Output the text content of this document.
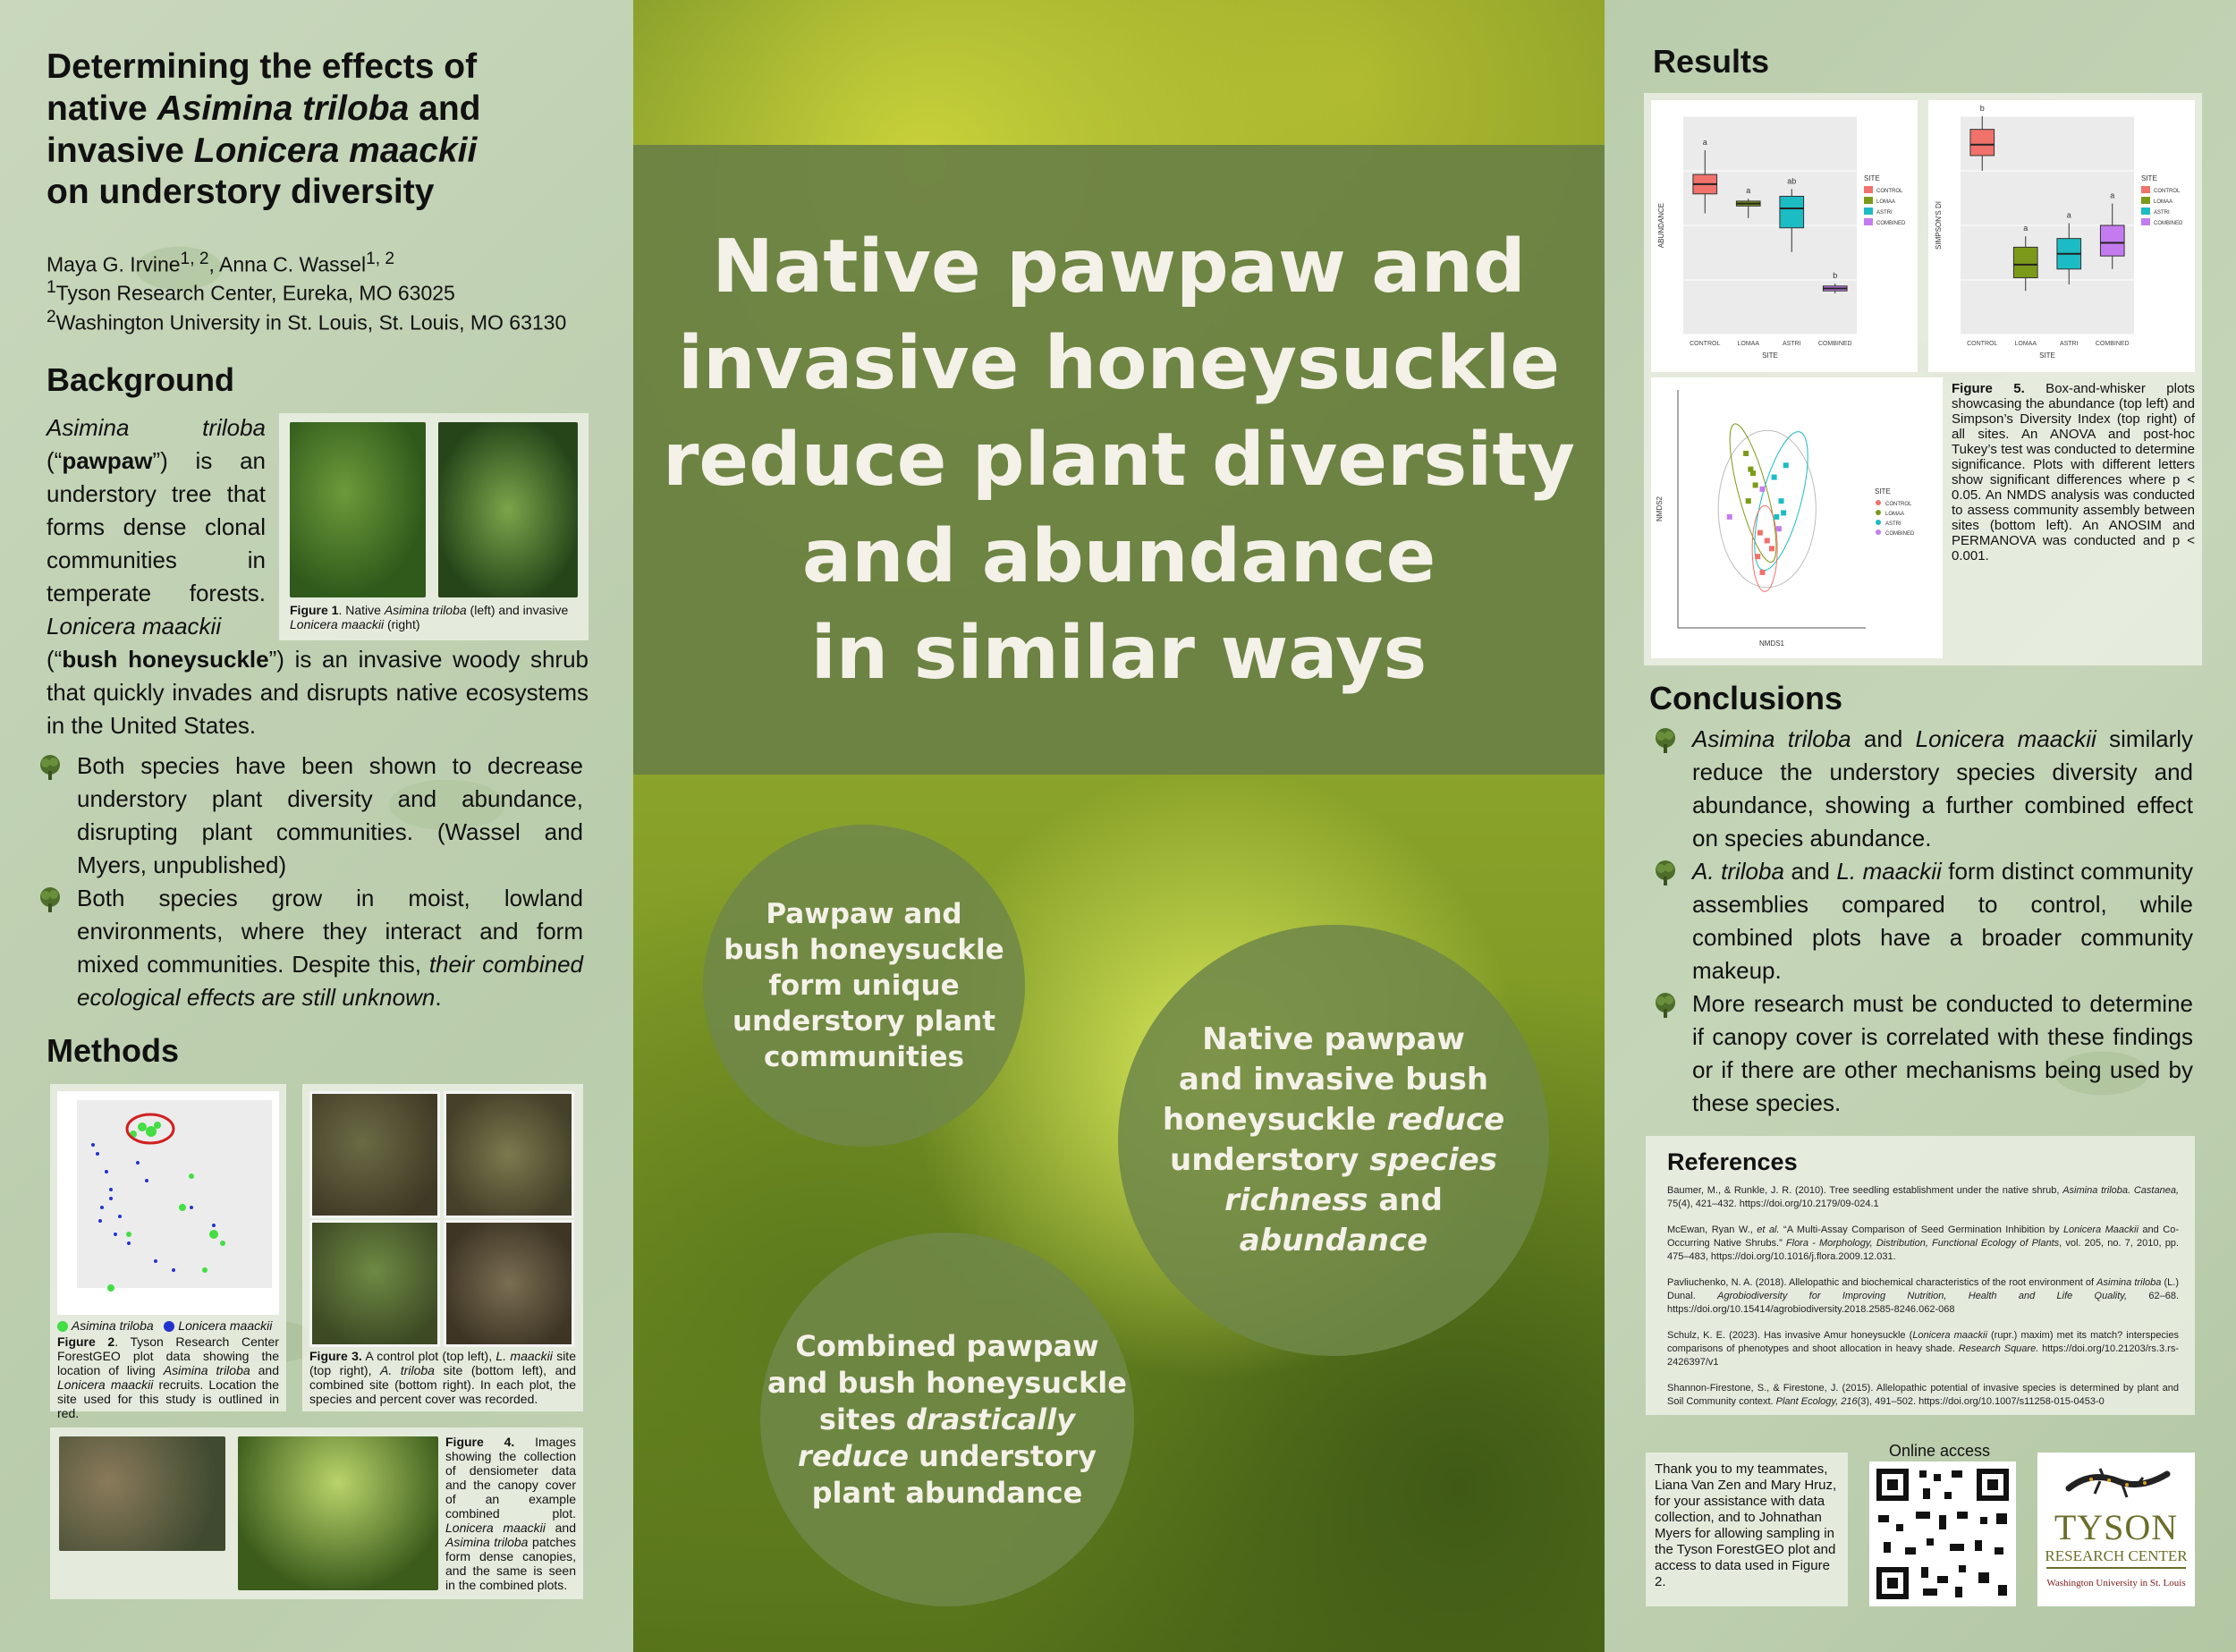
Determining the effects of
native Asimina triloba and
invasive Lonicera maackii
on understory diversity
Maya G. Irvine$^{1, 2}$, Anna C. Wassel$^{1, 2}$
$^1$Tyson Research Center, Eureka, MO 63025
$^2$Washington University in St. Louis, St. Louis, MO 63130
Background
Figure 1. Native Asimina triloba (left) and invasive Lonicera maackii (right)
Asimina triloba (“pawpaw”) is an understory tree that forms dense clonal communities in temperate forests. Lonicera maackii
(“bush honeysuckle”) is an invasive woody shrub that quickly invades and disrupts native ecosystems in the United States.
Both species have been shown to decrease understory plant diversity and abundance, disrupting plant communities. (Wassel and Myers, unpublished)
Both species grow in moist, lowland environments, where they interact and form mixed communities. Despite this, their combined ecological effects are still unknown.
Methods
Asimina triloba Lonicera maackii
Figure 2. Tyson Research Center ForestGEO plot data showing the location of living Asimina triloba and Lonicera maackii recruits. Location the site used for this study is outlined in red.
Figure 3. A control plot (top left), L. maackii site (top right), A. triloba site (bottom left), and combined site (bottom right). In each plot, the species and percent cover was recorded.
Figure 4. Images showing the collection of densiometer data and the canopy cover of an example combined plot. Lonicera maackii and Asimina triloba patches form dense canopies, and the same is seen in the combined plots.
Native pawpaw and
invasive honeysuckle
reduce plant diversity
and abundance
in similar ways
Pawpaw and
bush honeysuckle
form unique
understory plant
communities	Native pawpaw
and invasive bush
honeysuckle reduce
understory species
richness and
abundance
Combined pawpaw
and bush honeysuckle
sites drastically
reduce understory
plant abundance
Results
a
CONTROL
a
LOMAA
ab
ASTRI
b
COMBINED
SITE
ABUNDANCE
SITE
CONTROL
LOMAA
ASTRI
COMBINED
b
CONTROL
a
LOMAA
a
ASTRI
a
COMBINED
SITE
SIMPSON'S DI
SITE
CONTROL
LOMAA
ASTRI
COMBINED
NMDS1
NMDS2
SITE
CONTROL
LOMAA
ASTRI
COMBINED
Figure 5. Box-and-whisker plots showcasing the abundance (top left) and Simpson’s Diversity Index (top right) of all sites. An ANOVA and post-hoc Tukey’s test was conducted to determine significance. Plots with different letters show significant differences where p < 0.05. An NMDS analysis was conducted to assess community assembly between sites (bottom left). An ANOSIM and PERMANOVA was conducted and p < 0.001.
Conclusions
Asimina triloba and Lonicera maackii similarly reduce the understory species diversity and abundance, showing a further combined effect on species abundance.
A. triloba and L. maackii form distinct community assemblies compared to control, while combined plots have a broader community makeup.
More research must be conducted to determine if canopy cover is correlated with these findings or if there are other mechanisms being used by these species.
References

Baumer, M., & Runkle, J. R. (2010). Tree seedling establishment under the native shrub, Asimina triloba. Castanea, 75(4), 421–432. https://doi.org/10.2179/09-024.1

McEwan, Ryan W., et al. “A Multi-Assay Comparison of Seed Germination Inhibition by Lonicera Maackii and Co-Occurring Native Shrubs.” Flora - Morphology, Distribution, Functional Ecology of Plants, vol. 205, no. 7, 2010, pp. 475–483, https://doi.org/10.1016/j.flora.2009.12.031.

Pavliuchenko, N. A. (2018). Allelopathic and biochemical characteristics of the root environment of Asimina triloba (L.) Dunal. Agrobiodiversity for Improving Nutrition, Health and Life Quality, 62–68. https://doi.org/10.15414/agrobiodiversity.2018.2585-8246.062-068

Schulz, K. E. (2023). Has invasive Amur honeysuckle (Lonicera maackii (rupr.) maxim) met its match? interspecies comparisons of phenotypes and shoot allocation in heavy shade. Research Square. https://doi.org/10.21203/rs.3.rs-2426397/v1

Shannon-Firestone, S., & Firestone, J. (2015). Allelopathic potential of invasive species is determined by plant and Soil Community context. Plant Ecology, 216(3), 491–502. https://doi.org/10.1007/s11258-015-0453-0

Thank you to my teammates, Liana Van Zen and Mary Hruz, for your assistance with data collection, and to Johnathan Myers for allowing sampling in the Tyson ForestGEO plot and access to data used in Figure 2.
Online access
TYSON
RESEARCH CENTER
Washington University in St. Louis
